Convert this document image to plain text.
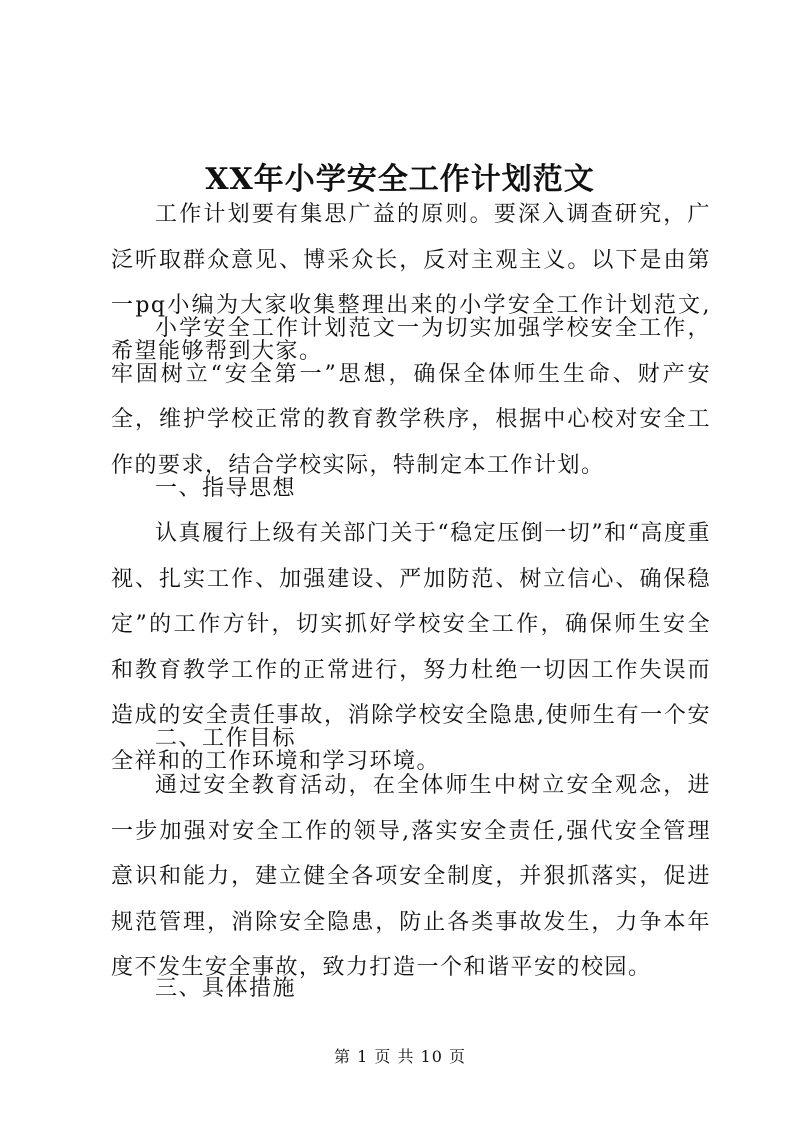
XX年小学安全工作计划范文

工作计划要有集思广益的原则。要深入调查研究，广泛听取群众意见、博采众长，反对主观主义。以下是由第一pq小编为大家收集整理出来的小学安全工作计划范文,希望能够帮到大家。

小学安全工作计划范文一为切实加强学校安全工作，牢固树立“安全第一”思想，确保全体师生生命、财产安全，维护学校正常的教育教学秩序，根据中心校对安全工作的要求，结合学校实际，特制定本工作计划。

一、指导思想

认真履行上级有关部门关于“稳定压倒一切”和“高度重视、扎实工作、加强建设、严加防范、树立信心、确保稳定”的工作方针，切实抓好学校安全工作，确保师生安全和教育教学工作的正常进行，努力杜绝一切因工作失误而造成的安全责任事故，消除学校安全隐患,使师生有一个安全祥和的工作环境和学习环境。

二、工作目标

通过安全教育活动，在全体师生中树立安全观念，进一步加强对安全工作的领导,落实安全责任,强代安全管理意识和能力，建立健全各项安全制度，并狠抓落实，促进规范管理，消除安全隐患，防止各类事故发生，力争本年度不发生安全事故，致力打造一个和谐平安的校园。

三、具体措施

第 1 页 共 10 页
